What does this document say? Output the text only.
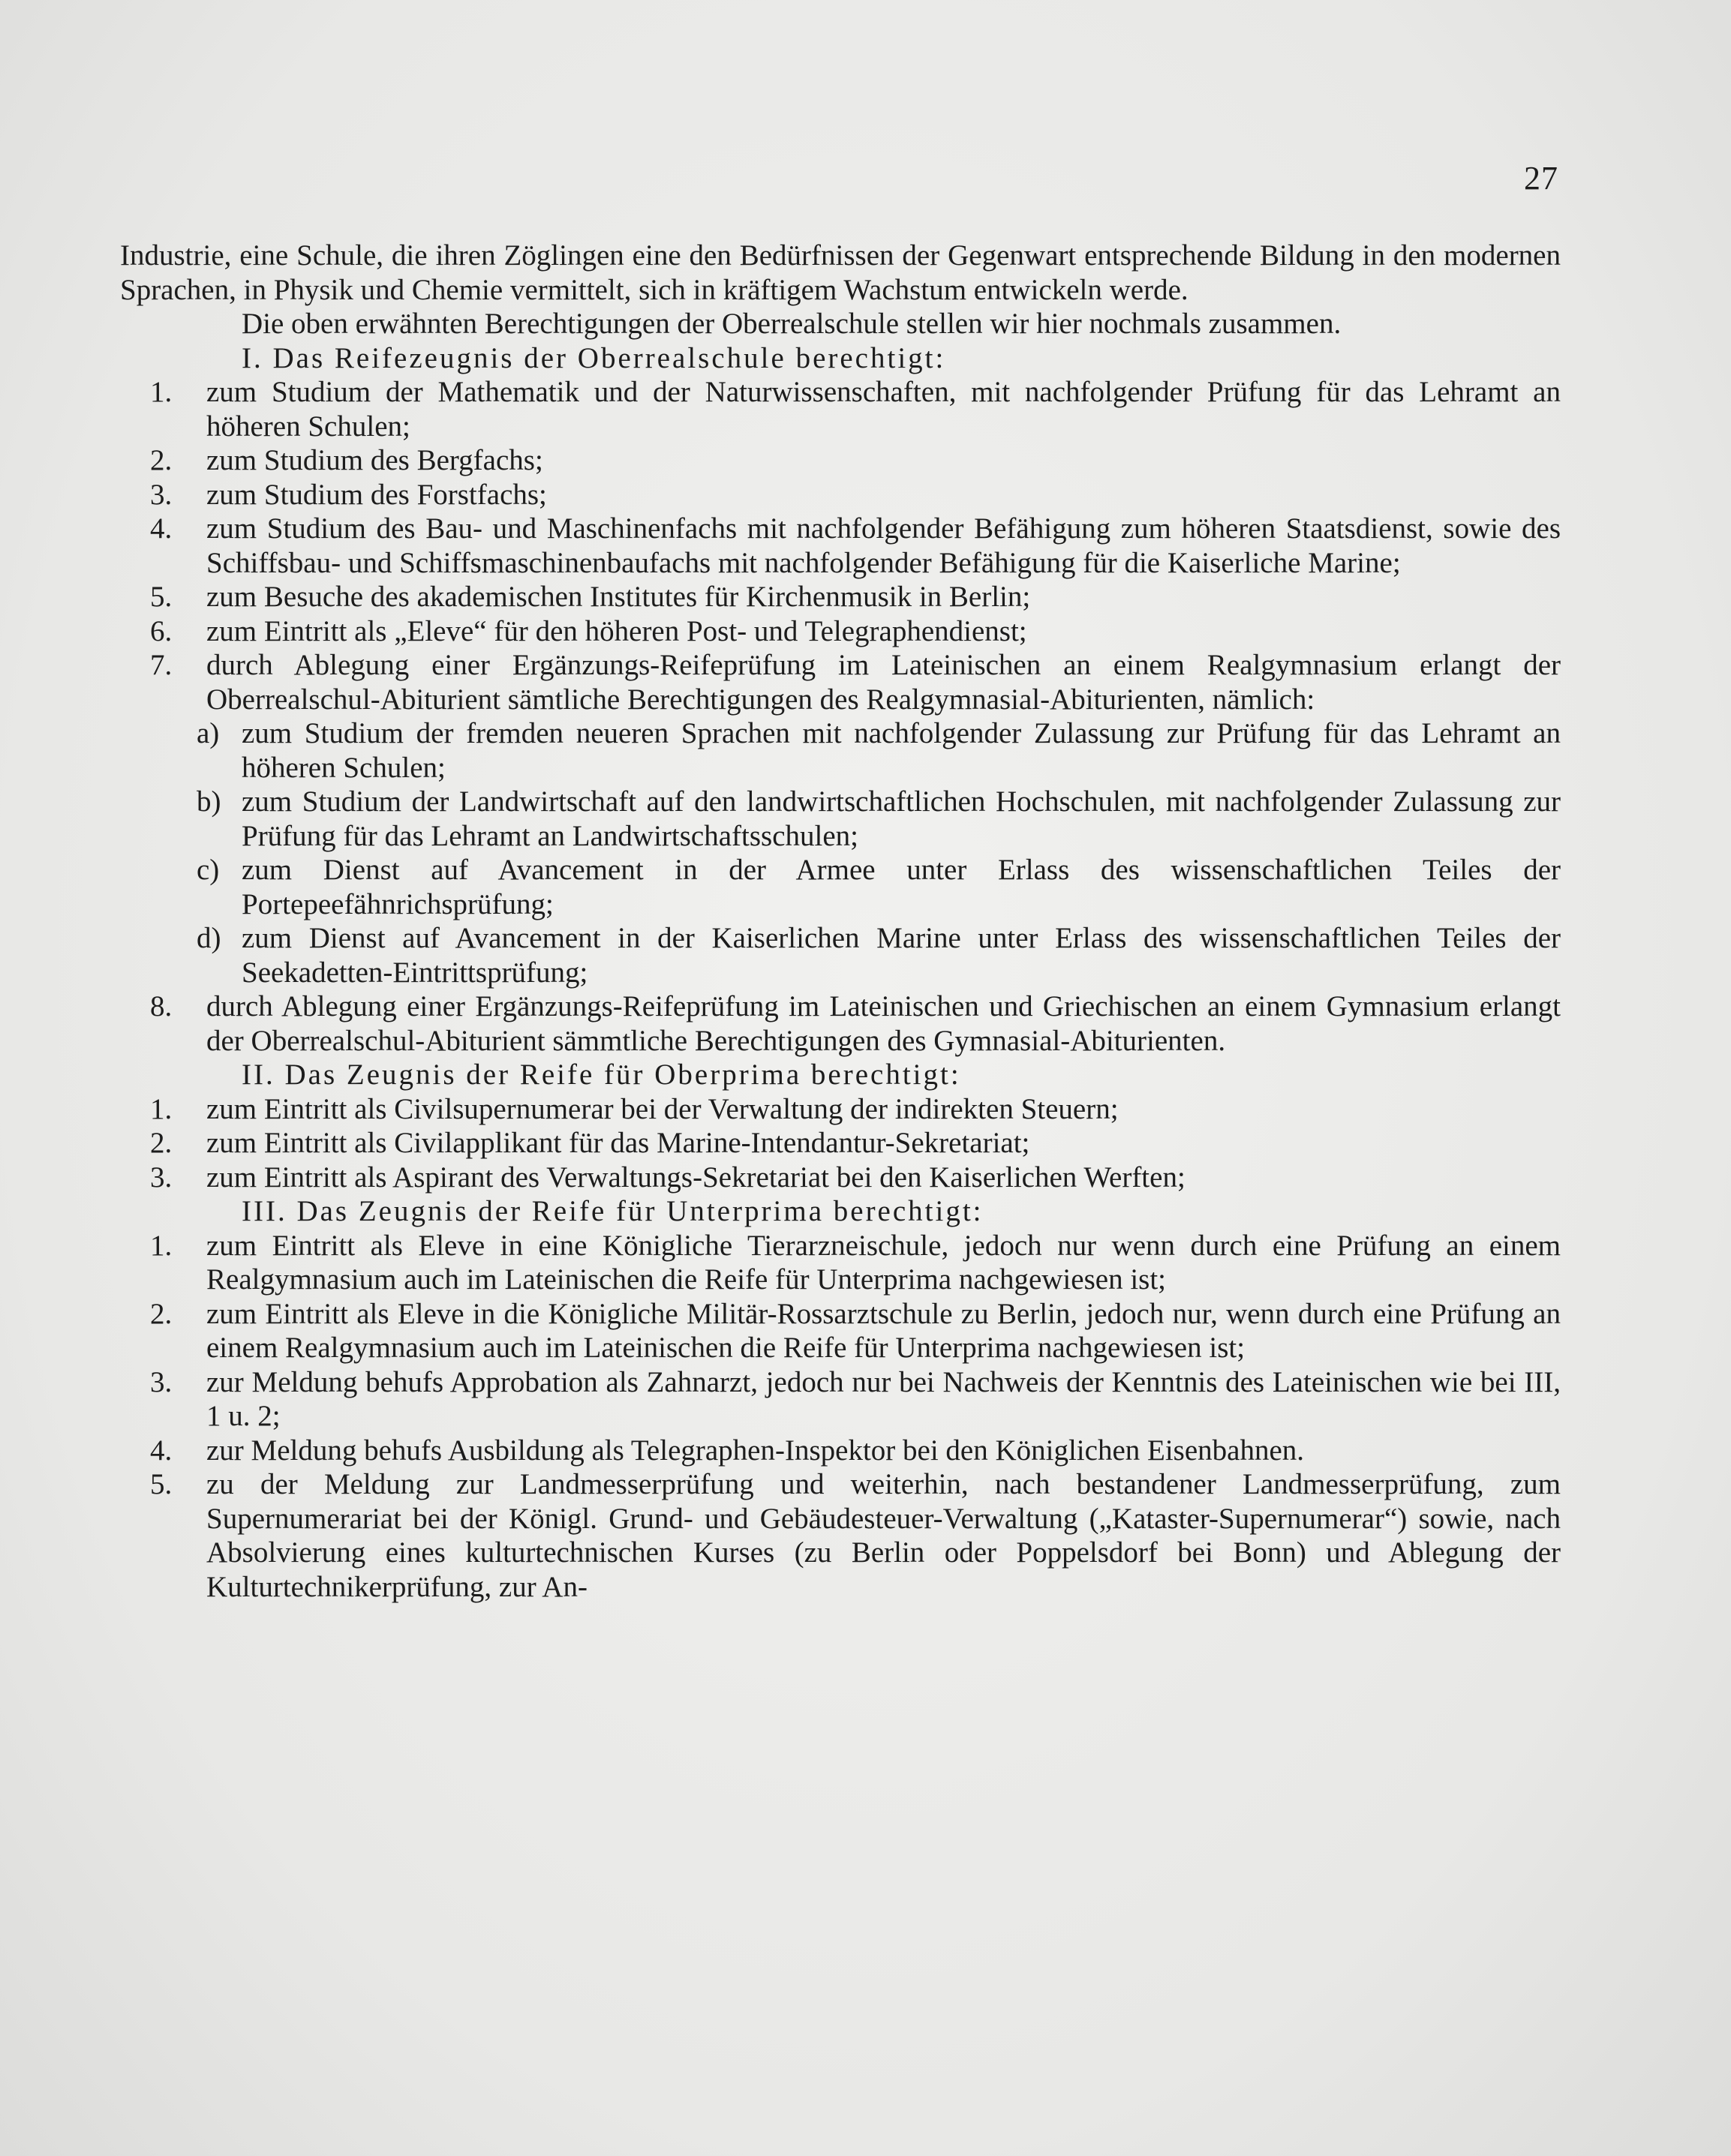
27

Industrie, eine Schule, die ihren Zöglingen eine den Bedürfnissen der Gegenwart entsprechende Bildung in den modernen Sprachen, in Physik und Chemie vermittelt, sich in kräftigem Wachstum entwickeln werde.

Die oben erwähnten Berechtigungen der Oberrealschule stellen wir hier nochmals zusammen.

I. Das Reifezeugnis der Oberrealschule berechtigt:

1. zum Studium der Mathematik und der Naturwissenschaften, mit nachfolgender Prüfung für das Lehramt an höheren Schulen;
2. zum Studium des Bergfachs;
3. zum Studium des Forstfachs;
4. zum Studium des Bau- und Maschinenfachs mit nachfolgender Befähigung zum höheren Staatsdienst, sowie des Schiffsbau- und Schiffsmaschinenbaufachs mit nachfolgender Befähigung für die Kaiserliche Marine;
5. zum Besuche des akademischen Institutes für Kirchenmusik in Berlin;
6. zum Eintritt als „Eleve“ für den höheren Post- und Telegraphendienst;
7. durch Ablegung einer Ergänzungs-Reifeprüfung im Lateinischen an einem Realgymnasium erlangt der Oberrealschul-Abiturient sämtliche Berechtigungen des Realgymnasial-Abiturienten, nämlich:
a) zum Studium der fremden neueren Sprachen mit nachfolgender Zulassung zur Prüfung für das Lehramt an höheren Schulen;
b) zum Studium der Landwirtschaft auf den landwirtschaftlichen Hochschulen, mit nachfolgender Zulassung zur Prüfung für das Lehramt an Landwirtschaftsschulen;
c) zum Dienst auf Avancement in der Armee unter Erlass des wissenschaftlichen Teiles der Portepeefähnrichsprüfung;
d) zum Dienst auf Avancement in der Kaiserlichen Marine unter Erlass des wissenschaftlichen Teiles der Seekadetten-Eintrittsprüfung;
8. durch Ablegung einer Ergänzungs-Reifeprüfung im Lateinischen und Griechischen an einem Gymnasium erlangt der Oberrealschul-Abiturient sämmtliche Berechtigungen des Gymnasial-Abiturienten.

II. Das Zeugnis der Reife für Oberprima berechtigt:

1. zum Eintritt als Civilsupernumerar bei der Verwaltung der indirekten Steuern;
2. zum Eintritt als Civilapplikant für das Marine-Intendantur-Sekretariat;
3. zum Eintritt als Aspirant des Verwaltungs-Sekretariat bei den Kaiserlichen Werften;

III. Das Zeugnis der Reife für Unterprima berechtigt:

1. zum Eintritt als Eleve in eine Königliche Tierarzneischule, jedoch nur wenn durch eine Prüfung an einem Realgymnasium auch im Lateinischen die Reife für Unterprima nachgewiesen ist;
2. zum Eintritt als Eleve in die Königliche Militär-Rossarztschule zu Berlin, jedoch nur, wenn durch eine Prüfung an einem Realgymnasium auch im Lateinischen die Reife für Unterprima nachgewiesen ist;
3. zur Meldung behufs Approbation als Zahnarzt, jedoch nur bei Nachweis der Kenntnis des Lateinischen wie bei III, 1 u. 2;
4. zur Meldung behufs Ausbildung als Telegraphen-Inspektor bei den Königlichen Eisenbahnen.
5. zu der Meldung zur Landmesserprüfung und weiterhin, nach bestandener Landmesserprüfung, zum Supernumerariat bei der Königl. Grund- und Gebäudesteuer-Verwaltung („Kataster-Supernumerar“) sowie, nach Absolvierung eines kulturtechnischen Kurses (zu Berlin oder Poppelsdorf bei Bonn) und Ablegung der Kulturtechnikerprüfung, zur An-
